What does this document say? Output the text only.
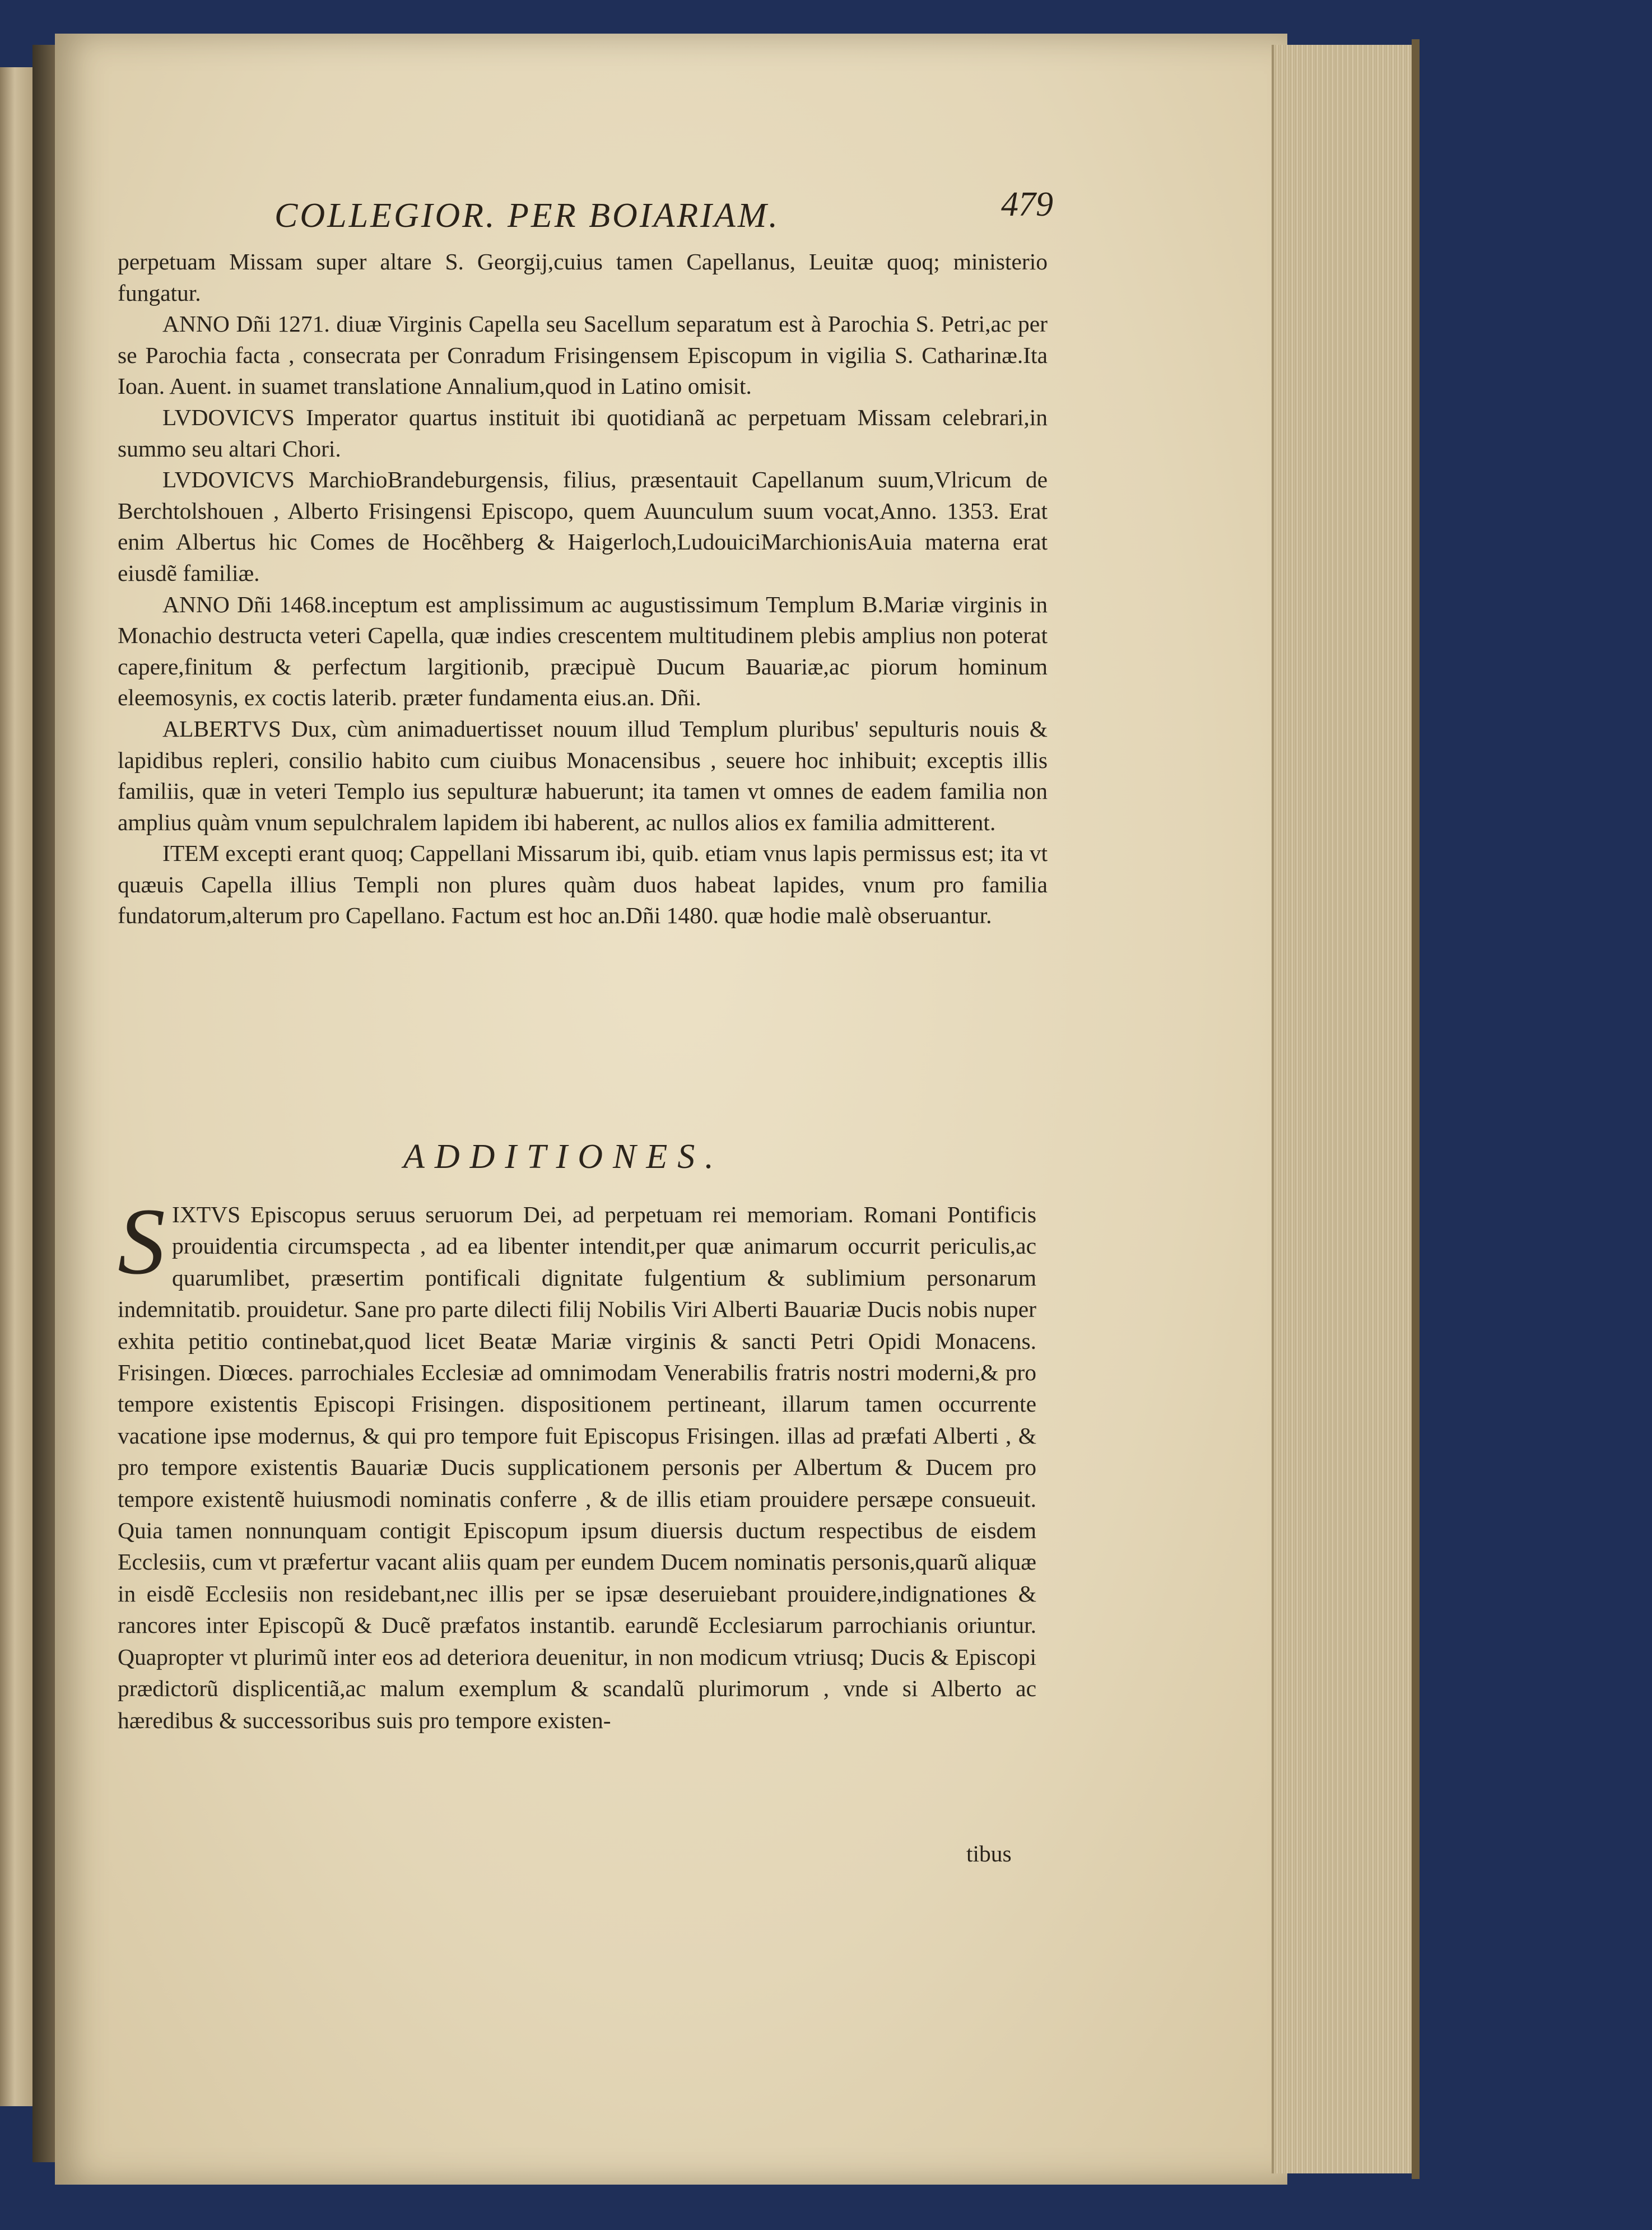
COLLEGIOR. PER BOIARIAM.	479

perpetuam Missam super altare S. Georgij,cuius tamen Capellanus, Leuitæ quoq; ministerio fungatur.

ANNO Dñi 1271. diuæ Virginis Capella seu Sacellum separatum est à Parochia S. Petri,ac per se Parochia facta , consecrata per Conradum Frisingensem Episcopum in vigilia S. Catharinæ.Ita Ioan. Auent. in suamet translatione Annalium,quod in Latino omisit.

LVDOVICVS Imperator quartus instituit ibi quotidianã ac perpetuam Missam celebrari,in summo seu altari Chori.

LVDOVICVS MarchioBrandeburgensis, filius, præsentauit Capellanum suum,Vlricum de Berchtolshouen , Alberto Frisingensi Episcopo, quem Auunculum suum vocat,Anno. 1353. Erat enim Albertus hic Comes de Hocẽhberg & Haigerloch,LudouiciMarchionisAuia materna erat eiusdẽ familiæ.

ANNO Dñi 1468.inceptum est amplissimum ac augustissimum Templum B.Mariæ virginis in Monachio destructa veteri Capella, quæ indies crescentem multitudinem plebis amplius non poterat capere,finitum & perfectum largitionib, præcipuè Ducum Bauariæ,ac piorum hominum eleemosynis, ex coctis laterib. præter fundamenta eius.an. Dñi.

ALBERTVS Dux, cùm animaduertisset nouum illud Templum pluribus' sepulturis nouis & lapidibus repleri, consilio habito cum ciuibus Monacensibus , seuere hoc inhibuit; exceptis illis familiis, quæ in veteri Templo ius sepulturæ habuerunt; ita tamen vt omnes de eadem familia non amplius quàm vnum sepulchralem lapidem ibi haberent, ac nullos alios ex familia admitterent.

ITEM excepti erant quoq; Cappellani Missarum ibi, quib. etiam vnus lapis permissus est; ita vt quæuis Capella illius Templi non plures quàm duos habeat lapides, vnum pro familia fundatorum,alterum pro Capellano. Factum est hoc an.Dñi 1480. quæ hodie malè obseruantur.

ADDITIONES.

S IXTVS Episcopus seruus seruorum Dei, ad perpetuam rei memoriam. Romani Pontificis prouidentia circumspecta , ad ea libenter intendit,per quæ animarum occurrit periculis,ac quarumlibet, præsertim pontificali dignitate fulgentium & sublimium personarum indemnitatib. prouidetur. Sane pro parte dilecti filij Nobilis Viri Alberti Bauariæ Ducis nobis nuper exhita petitio continebat,quod licet Beatæ Mariæ virginis & sancti Petri Opidi Monacens. Frisingen. Diœces. parrochiales Ecclesiæ ad omnimodam Venerabilis fratris nostri moderni,& pro tempore existentis Episcopi Frisingen. dispositionem pertineant, illarum tamen occurrente vacatione ipse modernus, & qui pro tempore fuit Episcopus Frisingen. illas ad præfati Alberti , & pro tempore existentis Bauariæ Ducis supplicationem personis per Albertum & Ducem pro tempore existentẽ huiusmodi nominatis conferre , & de illis etiam prouidere persæpe consueuit. Quia tamen nonnunquam contigit Episcopum ipsum diuersis ductum respectibus de eisdem Ecclesiis, cum vt præfertur vacant aliis quam per eundem Ducem nominatis personis,quarũ aliquæ in eisdẽ Ecclesiis non residebant,nec illis per se ipsæ deseruiebant prouidere,indignationes & rancores inter Episcopũ & Ducẽ præfatos instantib. earundẽ Ecclesiarum parrochianis oriuntur. Quapropter vt plurimũ inter eos ad deteriora deuenitur, in non modicum vtriusq; Ducis & Episcopi prædictorũ displicentiã,ac malum exemplum & scandalũ plurimorum , vnde si Alberto ac hæredibus & successoribus suis pro tempore existen-

tibus
